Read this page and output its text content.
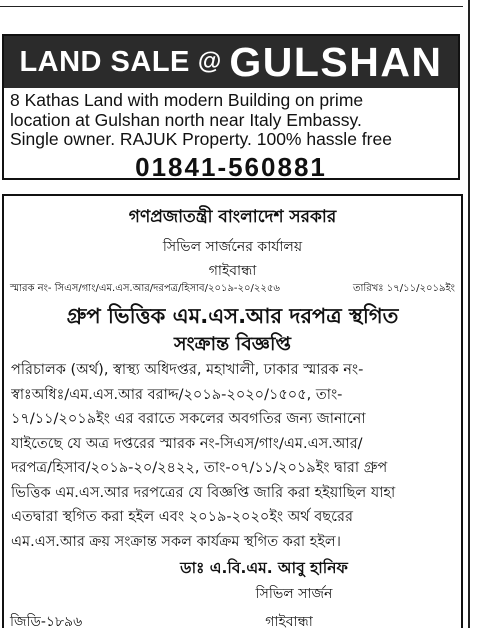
LAND SALE @ GULSHAN
8 Kathas Land with modern Building on prime
location at Gulshan north near Italy Embassy.
Single owner. RAJUK Property. 100% hassle free
01841-560881
গণপ্রজাতন্ত্রী বাংলাদেশ সরকার
সিভিল সার্জনের কার্যালয়
গাইবান্ধা
স্মারক নং- সিএস/গাং/এম.এস.আর/দরপত্র/হিসাব/২০১৯-২০/২২৫৬	তারিখঃ ১৭/১১/২০১৯ইং
গ্রুপ ভিত্তিক এম.এস.আর দরপত্র স্থগিত
সংক্রান্ত বিজ্ঞপ্তি
পরিচালক (অর্থ), স্বাস্থ্য অধিদপ্তর, মহাখালী, ঢাকার স্মারক নং-
স্বাঃঅধিঃ/এম.এস.আর বরাদ্দ/২০১৯-২০২০/১৫০৫, তাং-
১৭/১১/২০১৯ইং এর বরাতে সকলের অবগতির জন্য জানানো
যাইতেছে যে অত্র দপ্তরের স্মারক নং-সিএস/গাং/এম.এস.আর/
দরপত্র/হিসাব/২০১৯-২০/২৪২২, তাং-০৭/১১/২০১৯ইং দ্বারা গ্রুপ
ভিত্তিক এম.এস.আর দরপত্রের যে বিজ্ঞপ্তি জারি করা হইয়াছিল যাহা
এতদ্বারা স্থগিত করা হইল এবং ২০১৯-২০২০ইং অর্থ বছরের
এম.এস.আর ক্রয় সংক্রান্ত সকল কার্যক্রম স্থগিত করা হইল।
ডাঃ এ.বি.এম. আবু হানিফ
সিভিল সার্জন
গাইবান্ধা
জিডি-১৮৯৬
